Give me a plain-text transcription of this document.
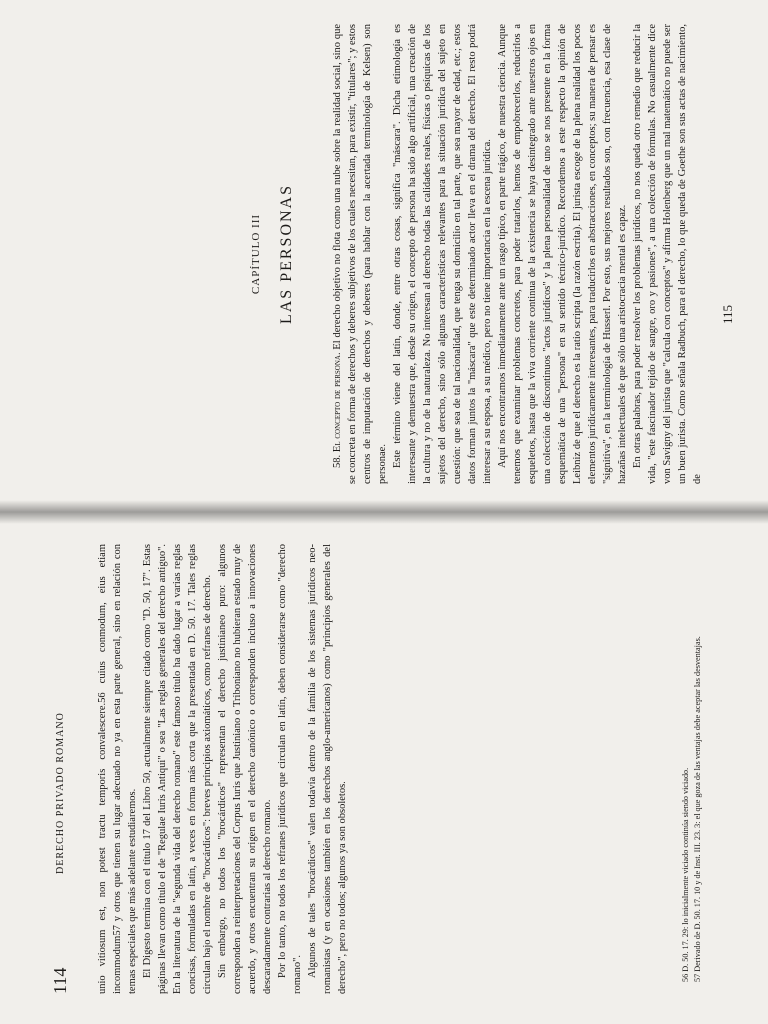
114
DERECHO PRIVADO ROMANO	unio vitiosum est, non potest tractu temporis convalescere.56 cuius conmodum, eius etiam incommodum57 y otros que tienen su lugar adecuado no ya en esta parte general, sino en relación con temas especiales que más adelante estudiaremos. El Digesto termina con el título 17 del Libro 50, actualmente siempre citado como "D. 50, 17". Estas páginas llevan como título el de "Regulae Iuris Antiqui" o sea "Las reglas generales del derecho antiguo". En la literatura de la "segunda vida del derecho romano" este famoso título ha dado lugar a varias reglas concisas, formuladas en latín, a veces en forma más corta que la presentada en D. 50. 17. Tales reglas circulan bajo el nombre de "brocárdicos": breves principios axiomáticos, como refranes de derecho. Sin embargo, no todos los "brocárdicos" representan el derecho justinianeo puro: algunos corresponden a reinterpretaciones del Corpus Iuris que Justiniano o Triboniano no hubieran estado muy de acuerdo, y otros encuentran su origen en el derecho canónico o corresponden incluso a innovaciones descaradamente contrarias al derecho romano. Por lo tanto, no todos los refranes jurídicos que circulan en latín, deben considerarse como "derecho romano". Algunos de tales "brocárdicos" valen todavía dentro de la familia de los sistemas jurídicos neo-romanistas (y en ocasiones también en los derechos anglo-americanos) como "principios generales del derecho", pero no todos; algunos ya son obsoletos.	56 D. 50. 17. 29: lo inicialmente viciado continúa siendo viciado. 57 Derivado de D. 50. 17. 10 y de Inst. III. 23. 3: el que goza de las ventajas debe aceptar las desventajas.

CAPÍTULO III LAS PERSONAS

58. El concepto de persona. El derecho objetivo no flota como una nube sobre la realidad social, sino que se concreta en forma de derechos y deberes subjetivos de los cuales necesitan, para existir, "titulares"; y estos centros de imputación de derechos y deberes (para hablar con la acertada terminología de Kelsen) son personae. Este término viene del latín, donde, entre otras cosas, significa "máscara". Dicha etimología es interesante y demuestra que, desde su origen, el concepto de persona ha sido algo artificial, una creación de la cultura y no de la naturaleza. No interesan al derecho todas las calidades reales, físicas o psíquicas de los sujetos del derecho, sino sólo algunas características relevantes para la situación jurídica del sujeto en cuestión: que sea de tal nacionalidad, que tenga su domicilio en tal parte, que sea mayor de edad, etc.; estos datos forman juntos la "máscara" que este determinado actor lleva en el drama del derecho. El resto podrá interesar a su esposa, a su médico, pero no tiene importancia en la escena jurídica. Aquí nos encontramos inmediatamente ante un rasgo típico, en parte trágico, de nuestra ciencia. Aunque tenemos que examinar problemas concretos, para poder tratarlos, hemos de empobrecerlos, reducirlos a esqueletos, hasta que la viva corriente continua de la existencia se haya desintegrado ante nuestros ojos en una colección de discontinuos "actos jurídicos" y la plena personalidad de uno se nos presente en la forma esquemática de una "persona" en su sentido técnico-jurídico. Recordemos a este respecto la opinión de Leibniz de que el derecho es la ratio scripta (la razón escrita). El jurista escoge de la plena realidad los pocos elementos jurídicamente interesantes, para traducirlos en abstracciones, en conceptos; su manera de pensar es "signitiva", en la terminología de Husserl. Por esto, sus mejores resultados son, con frecuencia, esa clase de hazañas intelectuales de que sólo una aristocracia mental es capaz. En otras palabras, para poder resolver los problemas jurídicos, no nos queda otro remedio que reducir la vida, "este fascinador tejido de sangre, oro y pasiones", a una colección de fórmulas. No casualmente dice von Savigny del jurista que "calcula con conceptos" y afirma Holenberg que un mal matemático no puede ser un buen jurista. Como señala Radbuch, para el derecho, lo que queda de Goethe son sus actas de nacimiento, de

115
